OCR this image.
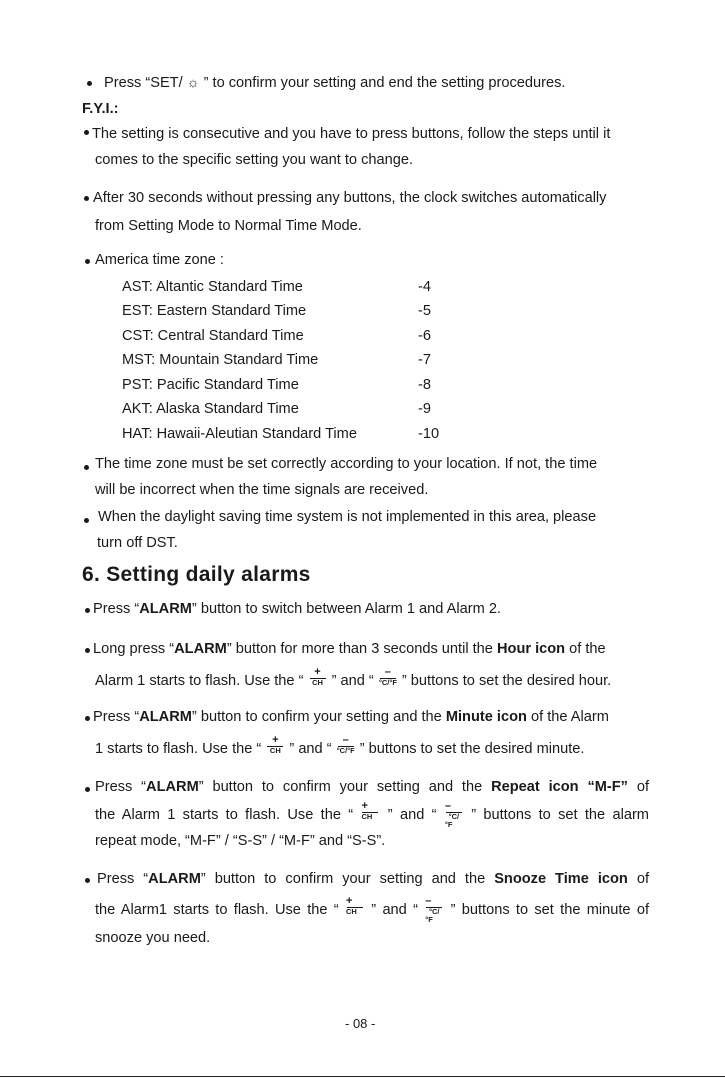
Press “SET/ ☼ ” to confirm your setting and end the setting procedures.
F.Y.I.:
The setting is consecutive and you have to press buttons, follow the steps until it
comes to the specific setting you want to change.
After 30 seconds without pressing any buttons, the clock switches automatically
from Setting Mode to Normal Time Mode.
America time zone :
AST: Altantic Standard Time	-4
EST: Eastern Standard Time	-5
CST: Central Standard Time	-6
MST: Mountain Standard Time	-7
PST: Pacific Standard Time	-8
AKT: Alaska Standard Time	-9
HAT: Hawaii-Aleutian Standard Time	-10
The time zone must be set correctly according to your location. If not, the time
will be incorrect when the time signals are received.
When the daylight saving time system is not implemented in this area, please
turn off DST.
6. Setting daily alarms
Press “ALARM” button to switch between Alarm 1 and Alarm 2.
Long press “ALARM” button for more than 3 seconds until the Hour icon of the
Alarm 1 starts to flash. Use the “
+
CH ” and “
–
°C/°F ” buttons to set the desired hour.
Press “ALARM” button to confirm your setting and the Minute icon of the Alarm
1 starts to flash. Use the “
+
CH ” and “
–
°C/°F ” buttons to set the desired minute.
Press “ALARM” button to confirm your setting and the Repeat icon “M-F” of
the Alarm 1 starts to flash. Use the “
+
CH	” and “
–
°C/°F
” buttons to set the alarm
repeat mode, “M-F” / “S-S” / “M-F” and “S-S”.
Press “ALARM” button to confirm your setting and the Snooze Time icon of
the Alarm1 starts to flash. Use the “
+
CH ” and “
–
°C/°F
” buttons to set the minute of
snooze you need.
- 08 -
